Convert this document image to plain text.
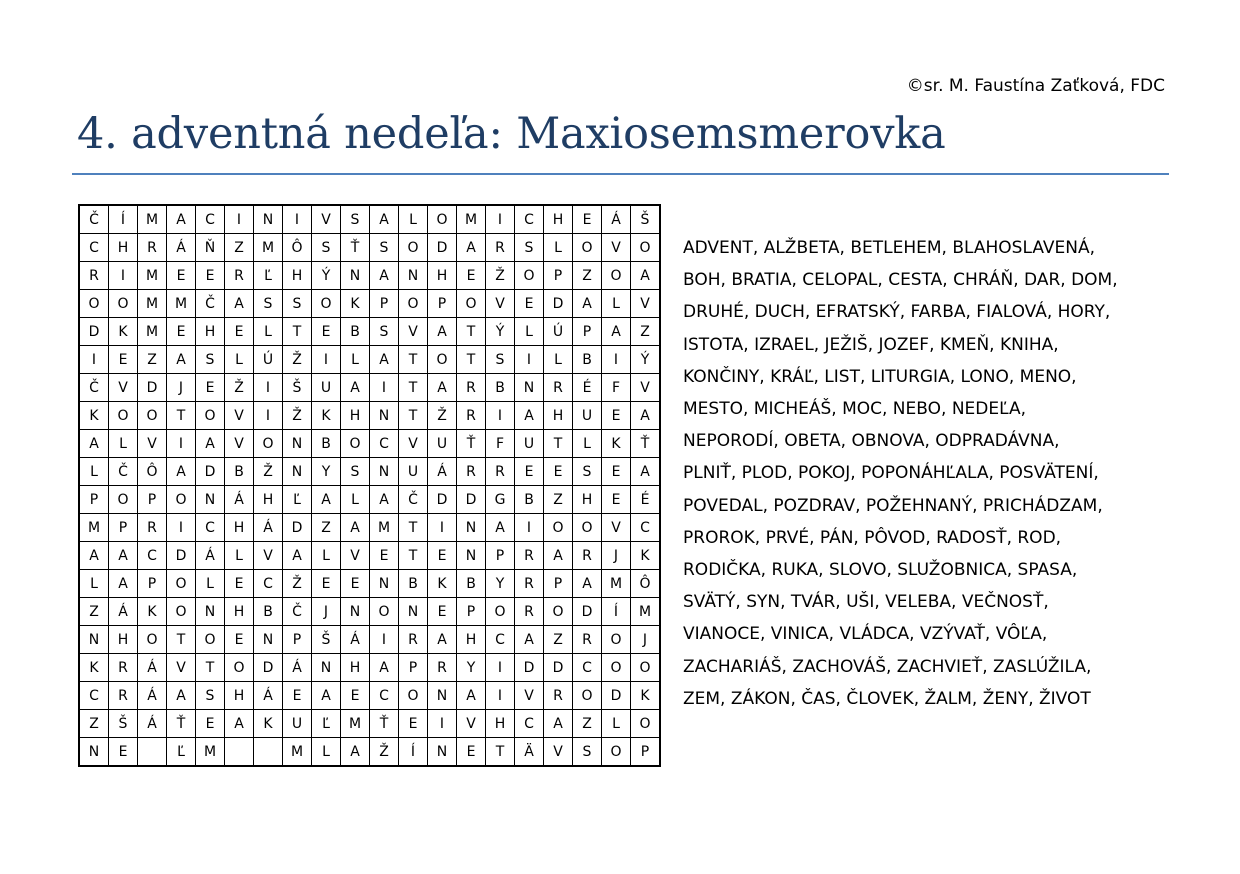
©sr. M. Faustína Zaťková, FDC
4. adventná nedeľa: Maxiosemsmerovka
Č	Í	M	A	C	I	N	I	V	S	A	L	O	M	I	C	H	E	Á	Š
C	H	R	Á	Ň	Z	M	Ô	S	Ť	S	O	D	A	R	S	L	O	V	O
R	I	M	E	E	R	Ľ	H	Ý	N	A	N	H	E	Ž	O	P	Z	O	A
O	O	M	M	Č	A	S	S	O	K	P	O	P	O	V	E	D	A	L	V
D	K	M	E	H	E	L	T	E	B	S	V	A	T	Ý	L	Ú	P	A	Z
I	E	Z	A	S	L	Ú	Ž	I	L	A	T	O	T	S	I	L	B	I	Ý
Č	V	D	J	E	Ž	I	Š	U	A	I	T	A	R	B	N	R	É	F	V
K	O	O	T	O	V	I	Ž	K	H	N	T	Ž	R	I	A	H	U	E	A
A	L	V	I	A	V	O	N	B	O	C	V	U	Ť	F	U	T	L	K	Ť
L	Č	Ô	A	D	B	Ž	N	Y	S	N	U	Á	R	R	E	E	S	E	A
P	O	P	O	N	Á	H	Ľ	A	L	A	Č	D	D	G	B	Z	H	E	É
M	P	R	I	C	H	Á	D	Z	A	M	T	I	N	A	I	O	O	V	C
A	A	C	D	Á	L	V	A	L	V	E	T	E	N	P	R	A	R	J	K
L	A	P	O	L	E	C	Ž	E	E	N	B	K	B	Y	R	P	A	M	Ô
Z	Á	K	O	N	H	B	Č	J	N	O	N	E	P	O	R	O	D	Í	M
N	H	O	T	O	E	N	P	Š	Á	I	R	A	H	C	A	Z	R	O	J
K	R	Á	V	T	O	D	Á	N	H	A	P	R	Y	I	D	D	C	O	O
C	R	Á	A	S	H	Á	E	A	E	C	O	N	A	I	V	R	O	D	K
Z	Š	Á	Ť	E	A	K	U	Ľ	M	Ť	E	I	V	H	C	A	Z	L	O
N	E		Ľ	M			M	L	A	Ž	Í	N	E	T	Ä	V	S	O	P
ADVENT, ALŽBETA, BETLEHEM, BLAHOSLAVENÁ,
BOH, BRATIA, CELOPAL, CESTA, CHRÁŇ, DAR, DOM,
DRUHÉ, DUCH, EFRATSKÝ, FARBA, FIALOVÁ, HORY,
ISTOTA, IZRAEL, JEŽIŠ, JOZEF, KMEŇ, KNIHA,
KONČINY, KRÁĽ, LIST, LITURGIA, LONO, MENO,
MESTO, MICHEÁŠ, MOC, NEBO, NEDEĽA,
NEPORODÍ, OBETA, OBNOVA, ODPRADÁVNA,
PLNIŤ, PLOD, POKOJ, POPONÁHĽALA, POSVÄTENÍ,
POVEDAL, POZDRAV, POŽEHNANÝ, PRICHÁDZAM,
PROROK, PRVÉ, PÁN, PÔVOD, RADOSŤ, ROD,
RODIČKA, RUKA, SLOVO, SLUŽOBNICA, SPASA,
SVÄTÝ, SYN, TVÁR, UŠI, VELEBA, VEČNOSŤ,
VIANOCE, VINICA, VLÁDCA, VZÝVAŤ, VÔĽA,
ZACHARIÁŠ, ZACHOVÁŠ, ZACHVIEŤ, ZASLÚŽILA,
ZEM, ZÁKON, ČAS, ČLOVEK, ŽALM, ŽENY, ŽIVOT
